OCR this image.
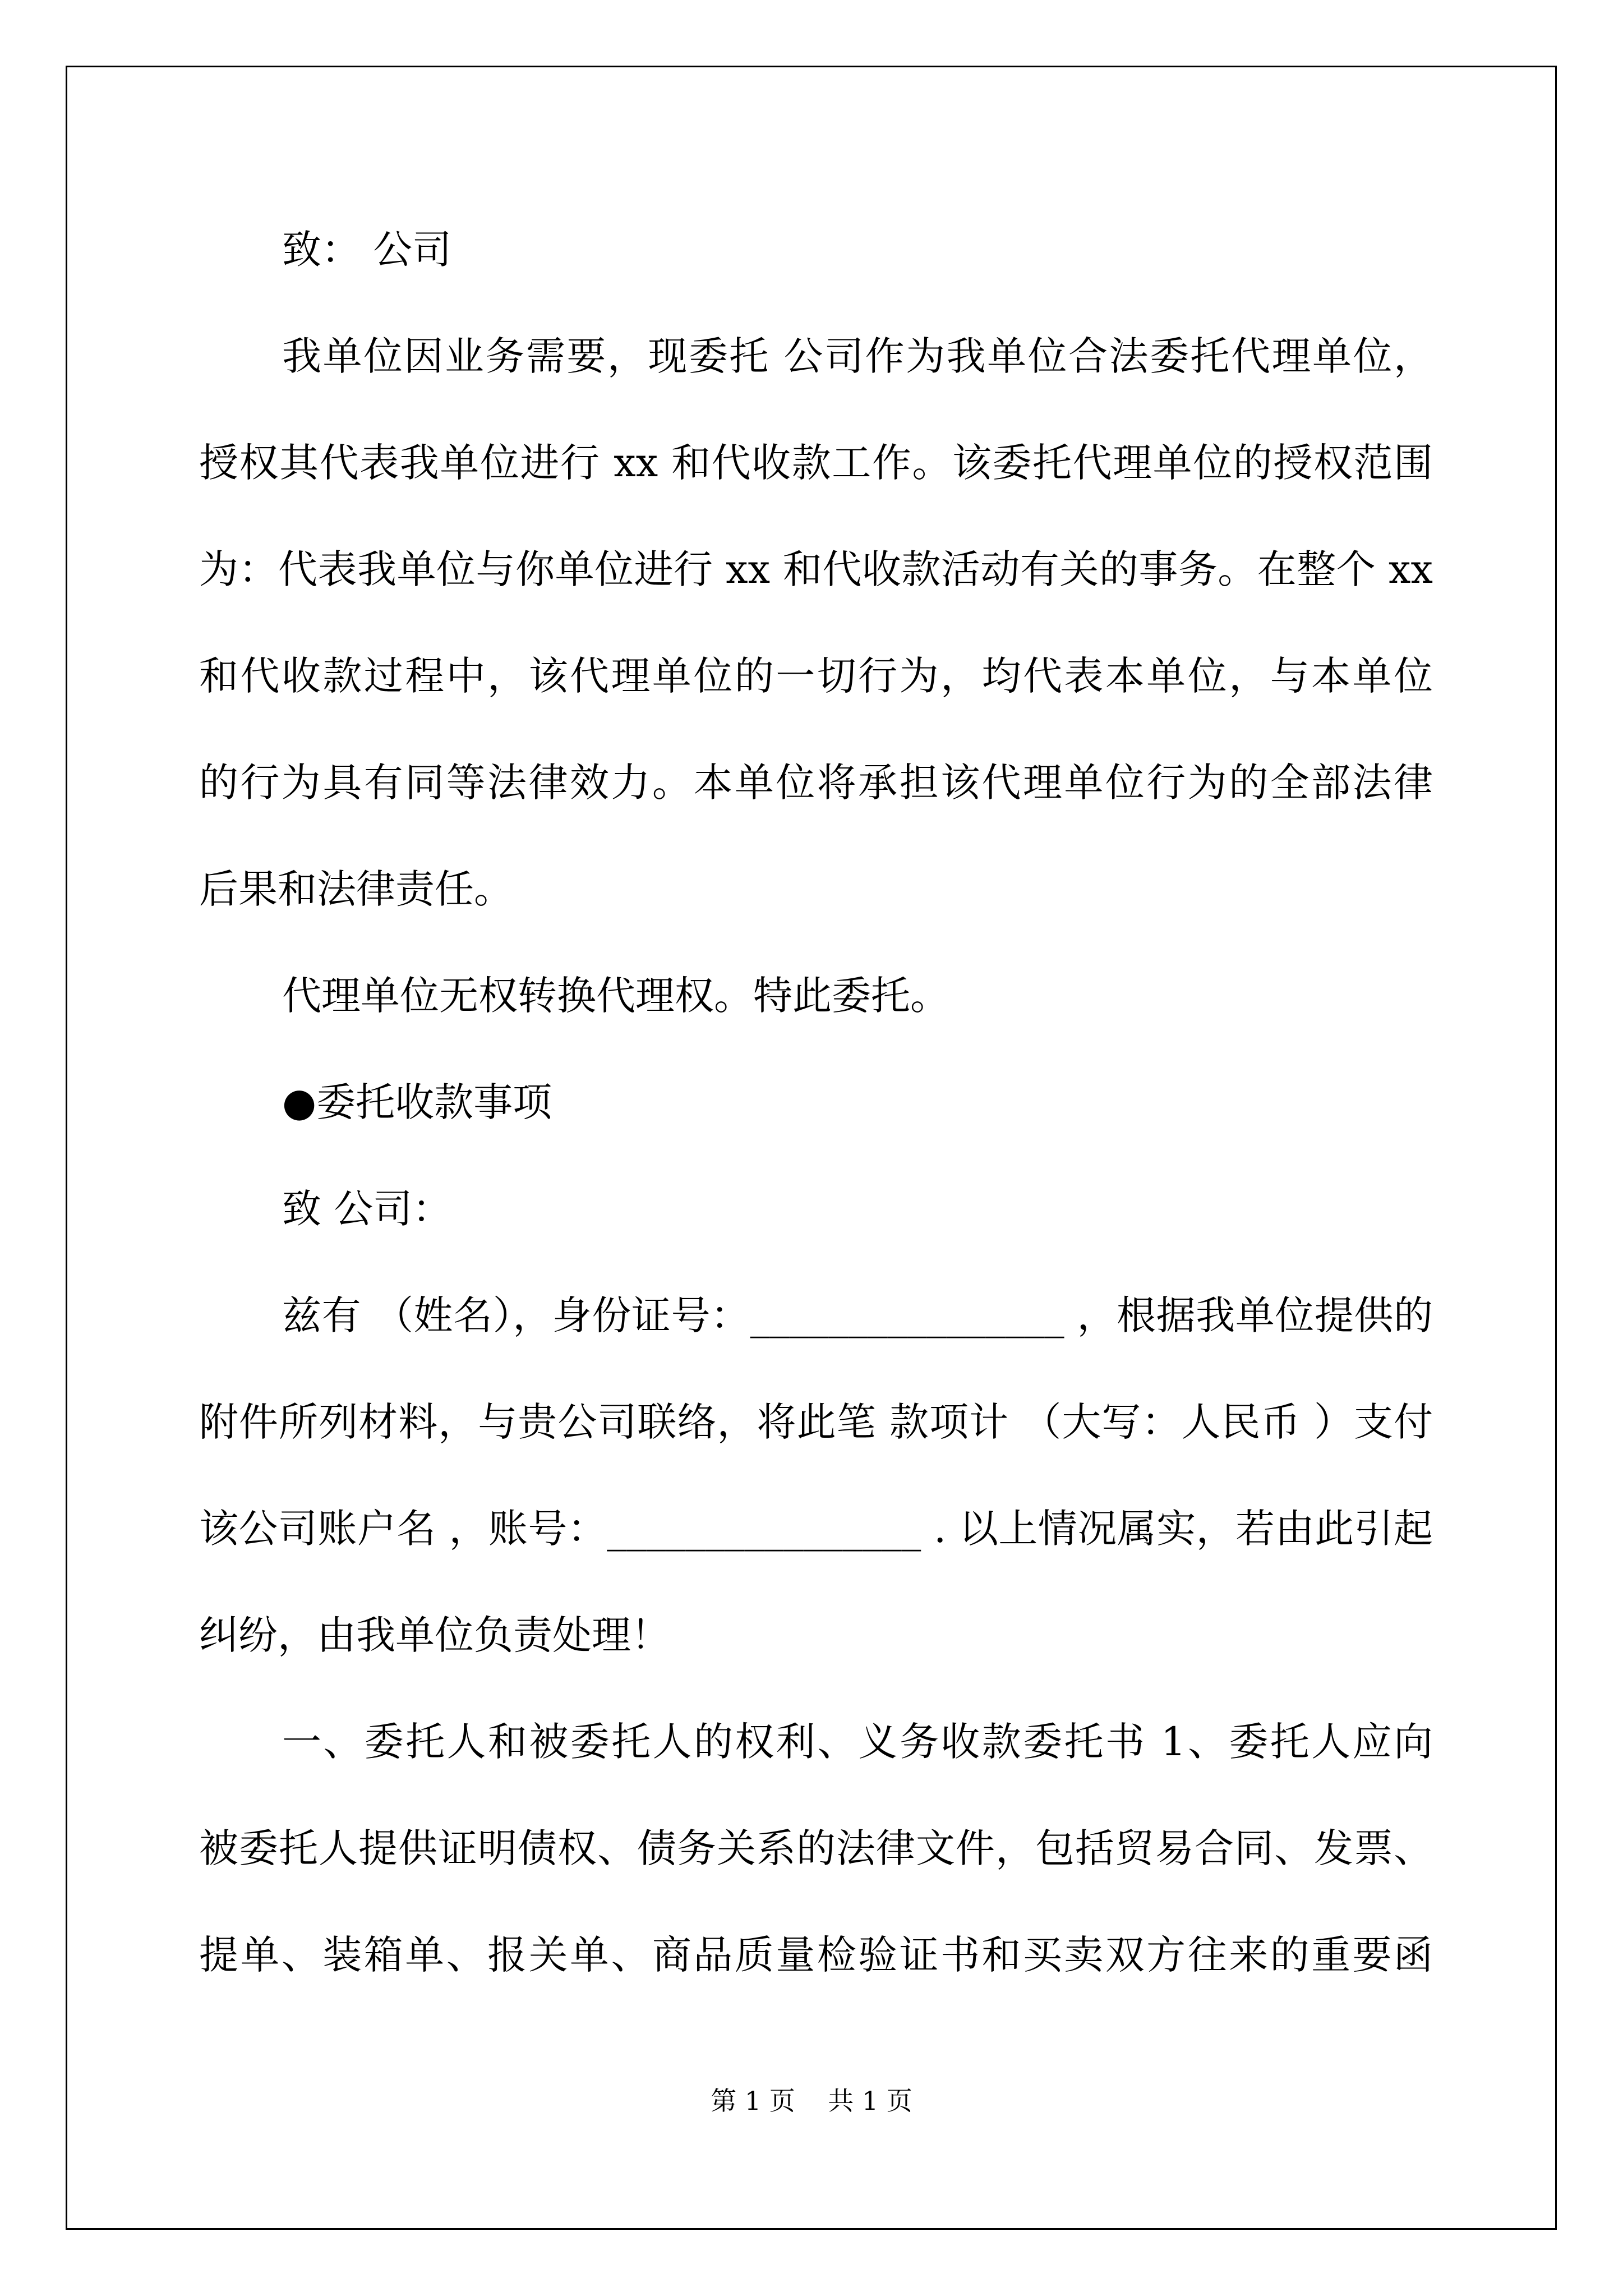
致： 公司
我单位因业务需要，现委托 公司作为我单位合法委托代理单位，
授权其代表我单位进行 xx 和代收款工作。该委托代理单位的授权范围
为：代表我单位与你单位进行 xx 和代收款活动有关的事务。在整个 xx
和代收款过程中，该代理单位的一切行为，均代表本单位，与本单位
的行为具有同等法律效力。本单位将承担该代理单位行为的全部法律
后果和法律责任。
代理单位无权转换代理权。特此委托。
●委托收款事项
致 公司：
兹有 （姓名），身份证号：________________ ，根据我单位提供的
附件所列材料，与贵公司联络，将此笔 款项计 （大写：人民币 ）支付
该公司账户名 ，账号：________________ . 以上情况属实，若由此引起
纠纷，由我单位负责处理！
一、委托人和被委托人的权利、义务收款委托书 1、委托人应向
被委托人提供证明债权、债务关系的法律文件，包括贸易合同、发票、
提单、装箱单、报关单、商品质量检验证书和买卖双方往来的重要函
第 1 页    共 1 页
